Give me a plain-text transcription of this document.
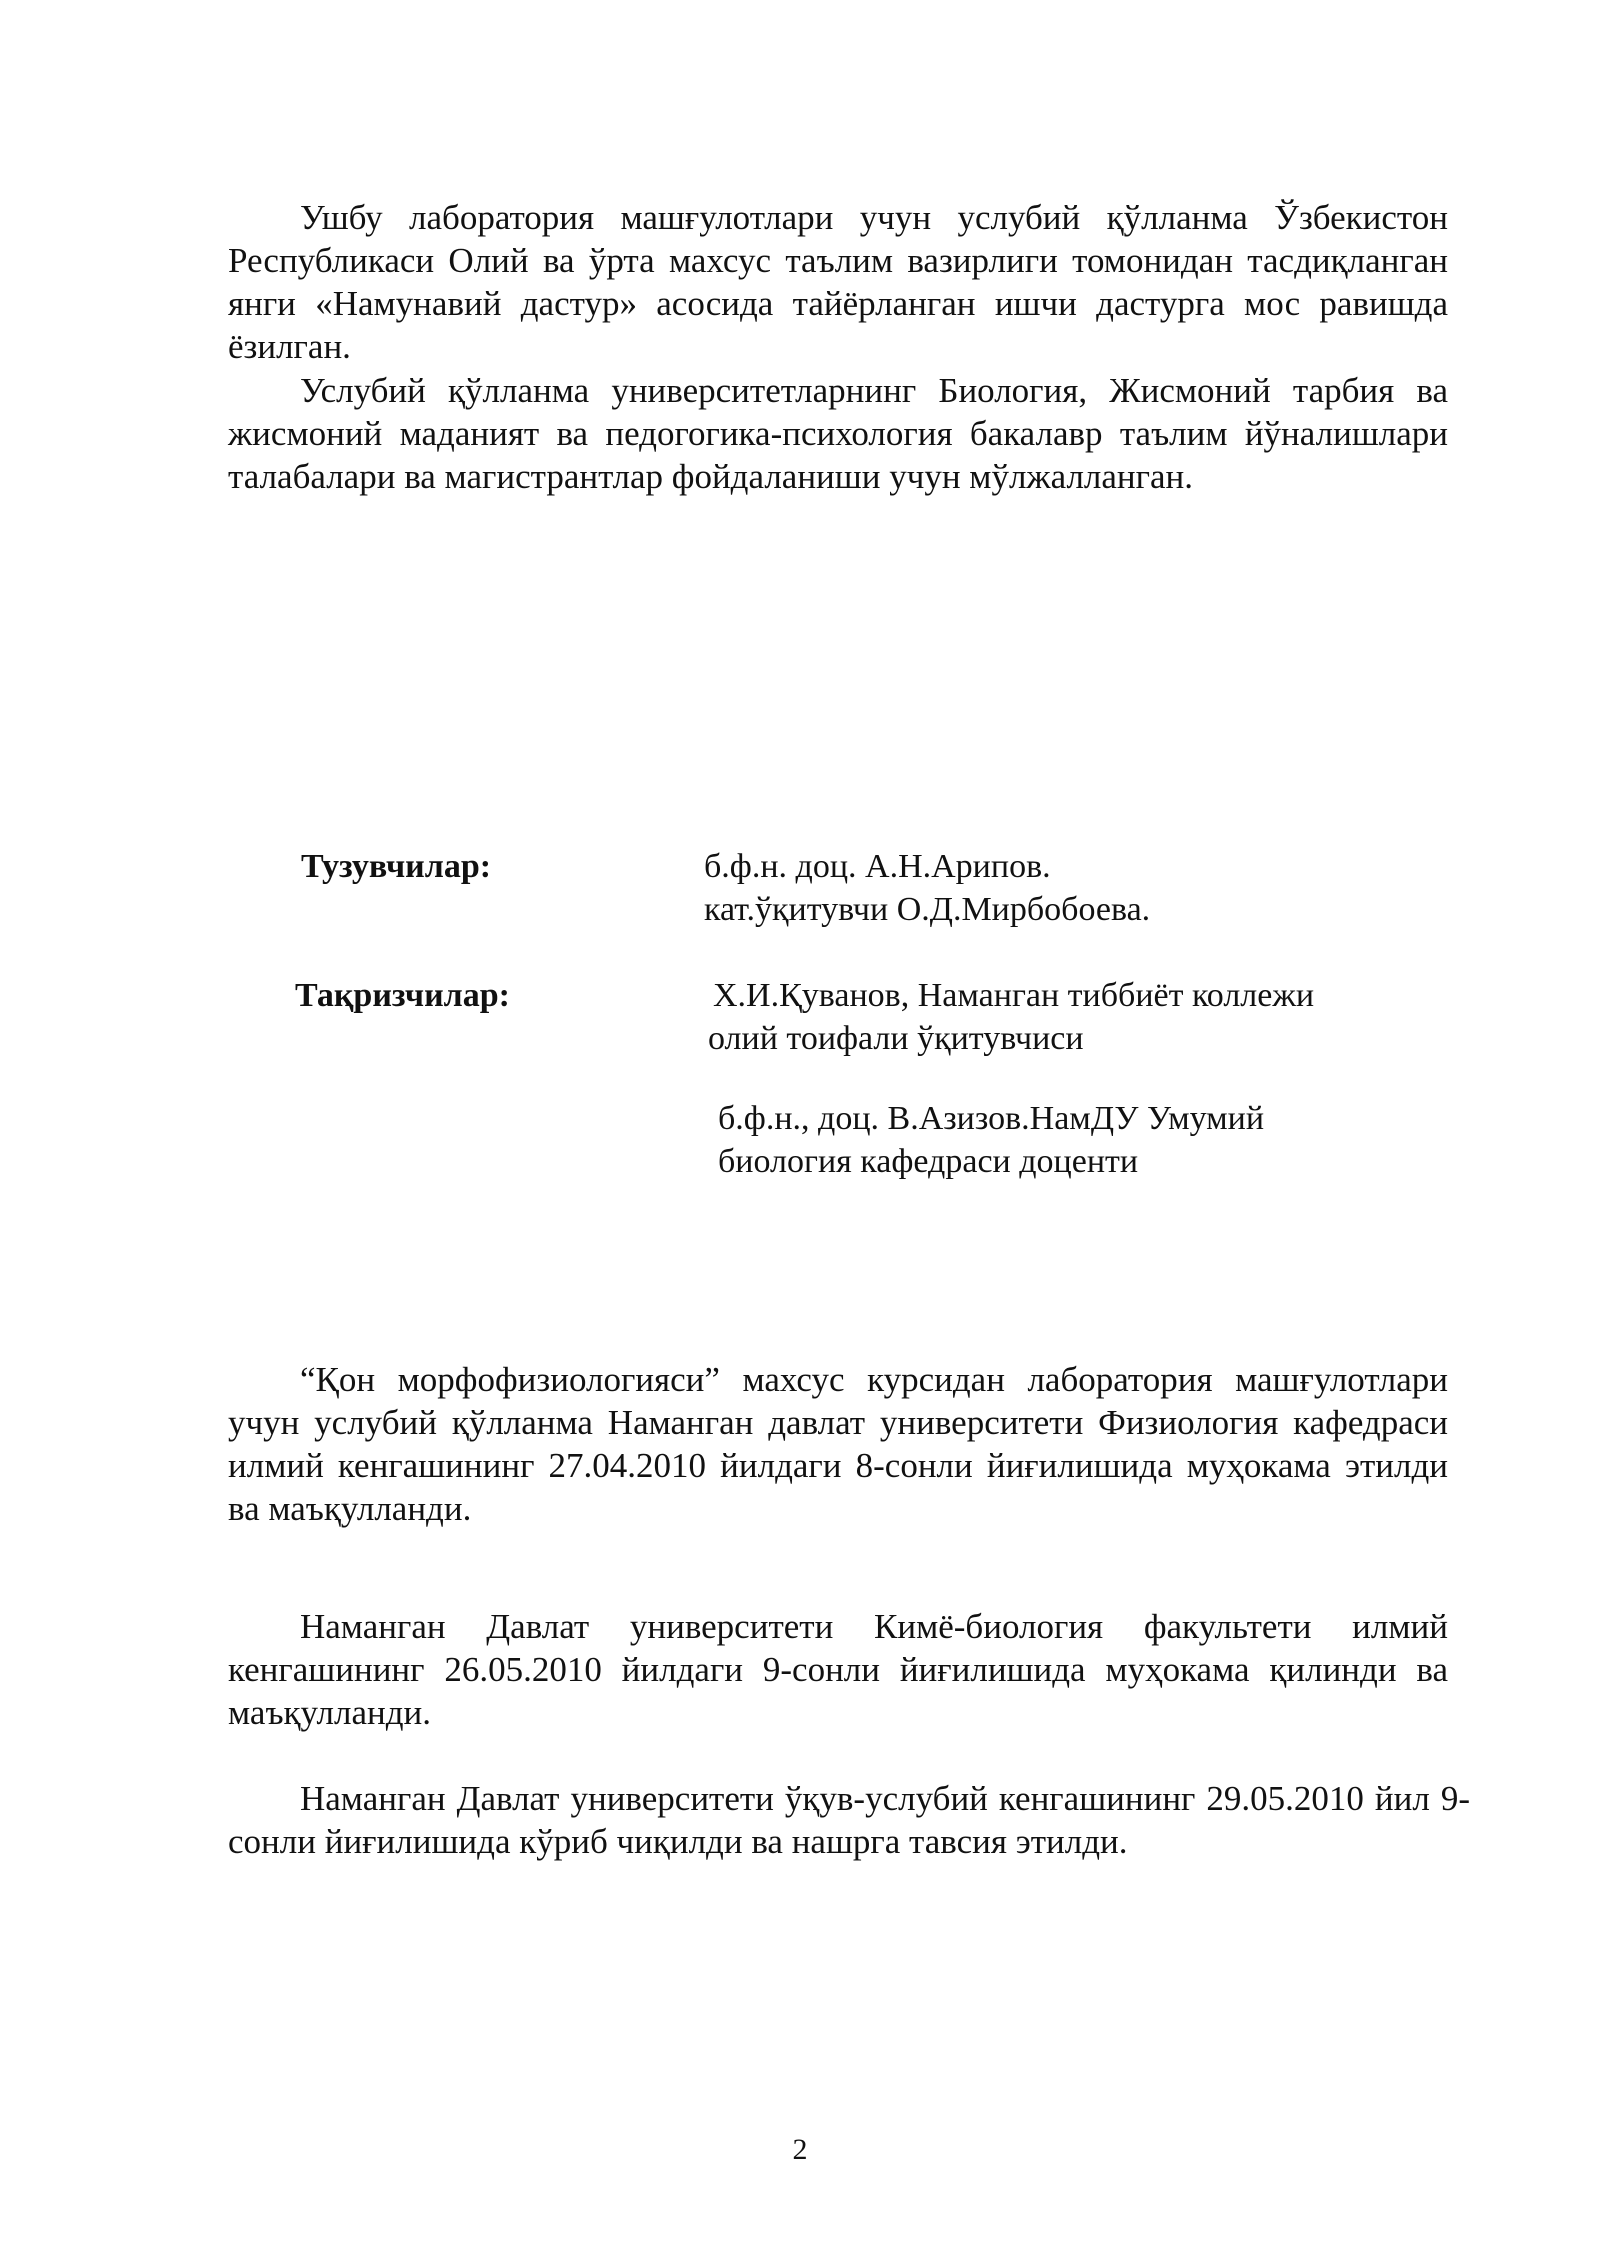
Ушбу лаборатория машғулотлари учун услубий қўлланма Ўзбекистон Республикаси Олий ва ўрта махсус таълим вазирлиги томонидан тасдиқланган янги «Намунавий дастур» асосида тайёрланган ишчи дастурга мос равишда ёзилган.

Услубий қўлланма университетларнинг Биология, Жисмоний тарбия ва жисмоний маданият ва педогогика-психология бакалавр таълим йўналишлари талабалари ва магистрантлар фойдаланиши учун мўлжалланган.

Тузувчилар:	б.ф.н. доц. А.Н.Арипов.

кат.ўқитувчи О.Д.Мирбобоева.

Тақризчилар:	Х.И.Қуванов, Наманган тиббиёт коллежи

олий тоифали ўқитувчиси

б.ф.н., доц. В.Азизов.НамДУ Умумий

биология кафедраси доценти

“Қон морфофизиологияси” махсус курсидан лаборатория машғулотлари учун услубий қўлланма Наманган давлат университети Физиология кафедраси илмий кенгашининг 27.04.2010 йилдаги 8-сонли йиғилишида муҳокама этилди ва маъқулланди.

Наманган Давлат университети Кимё-биология факультети илмий кенгашининг 26.05.2010 йилдаги 9-сонли йиғилишида муҳокама қилинди ва маъқулланди.

Наманган Давлат университети ўқув-услубий кенгашининг 29.05.2010 йил 9-сонли йиғилишида кўриб чиқилди ва нашрга тавсия этилди.

2
